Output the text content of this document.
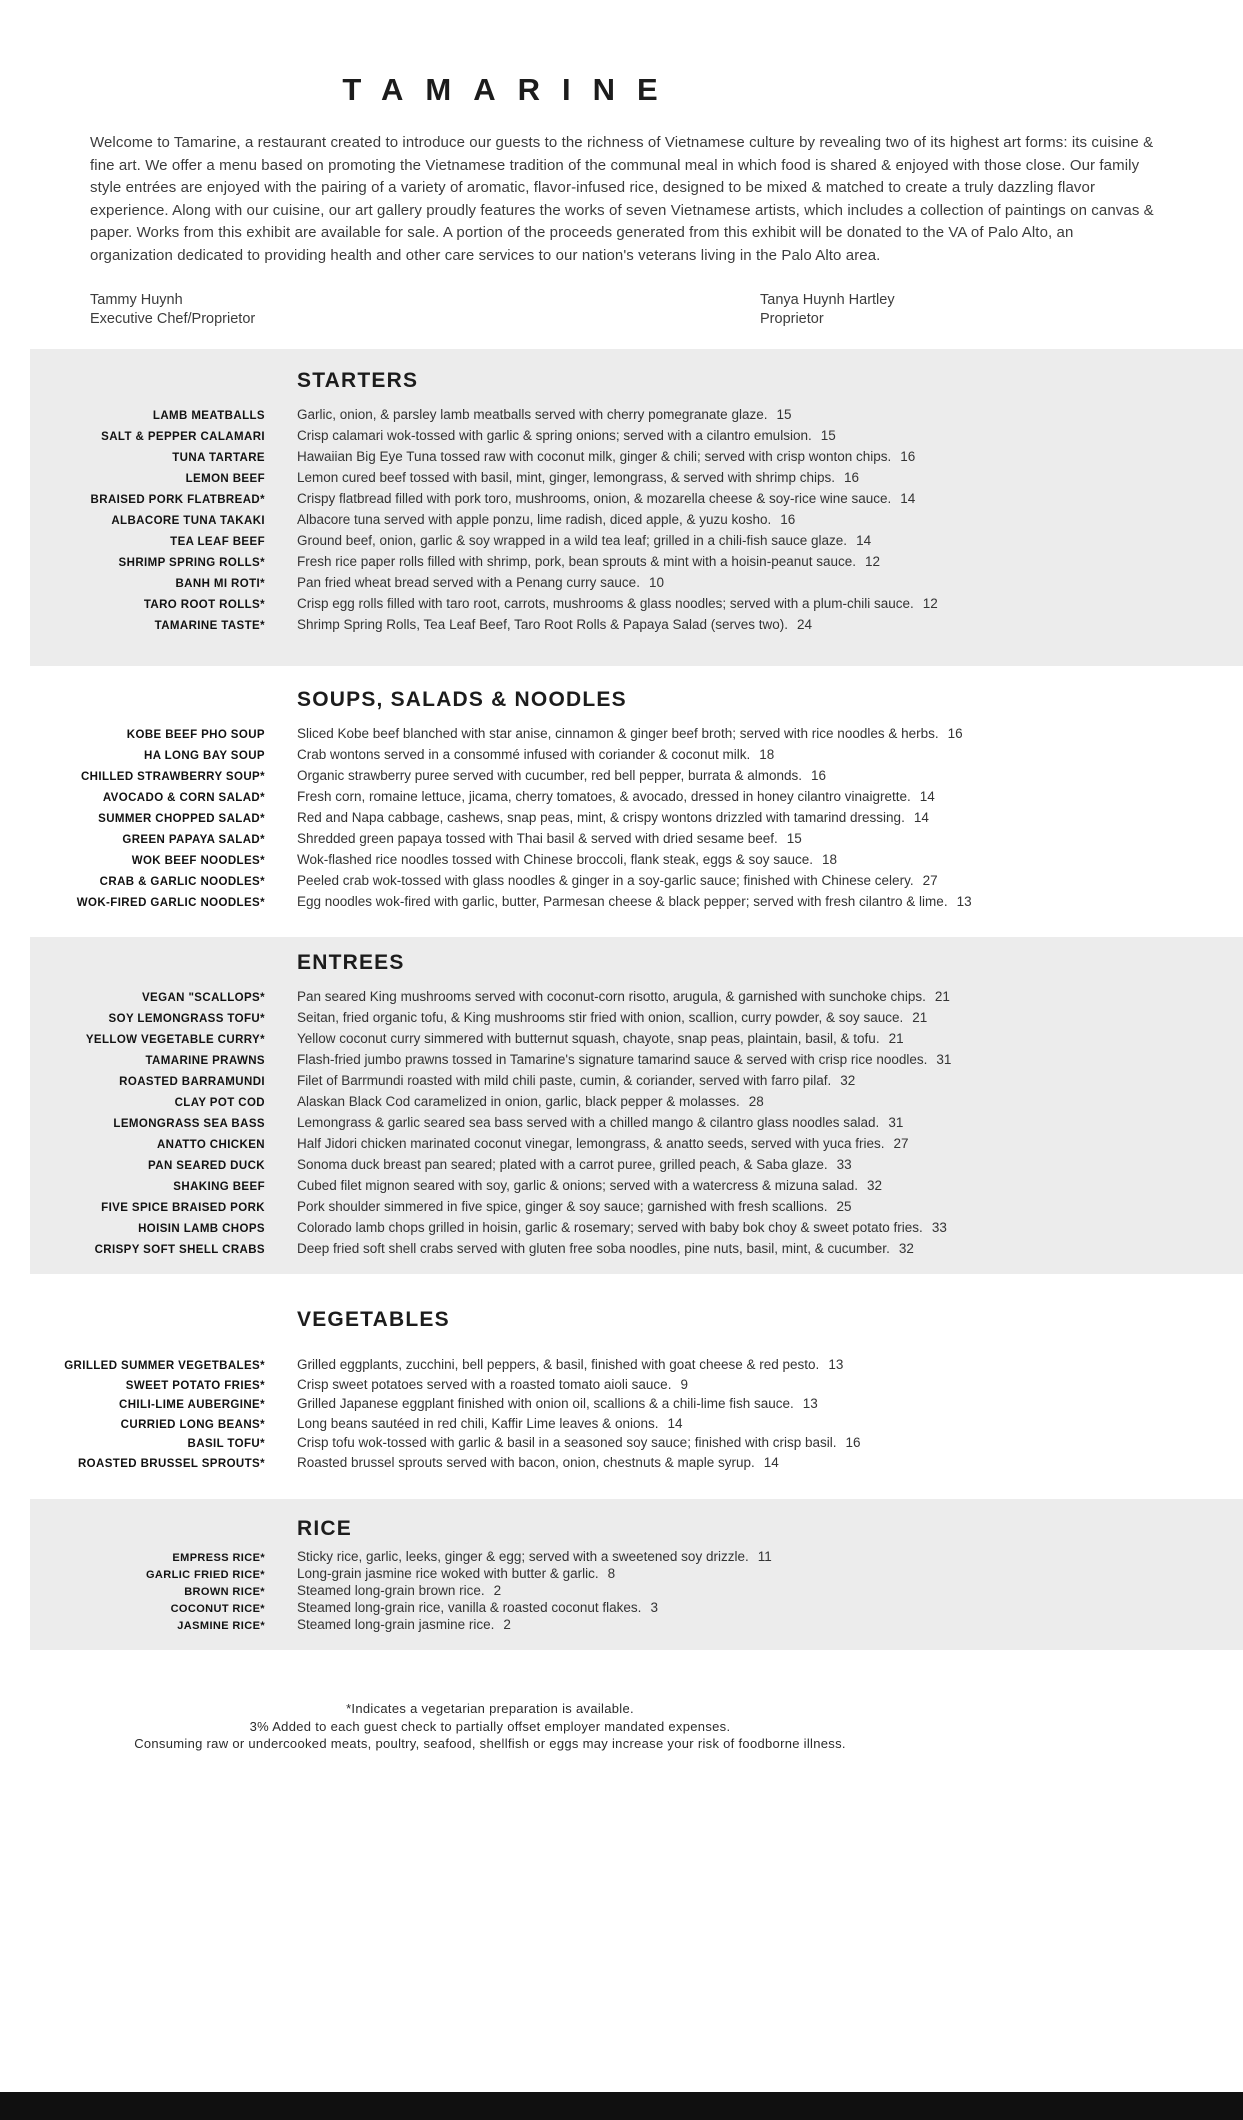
TAMARINE

Welcome to Tamarine, a restaurant created to introduce our guests to the richness of Vietnamese culture by revealing two of its highest art forms: its cuisine & fine art. We offer a menu based on promoting the Vietnamese tradition of the communal meal in which food is shared & enjoyed with those close. Our family style entrées are enjoyed with the pairing of a variety of aromatic, flavor-infused rice, designed to be mixed & matched to create a truly dazzling flavor experience. Along with our cuisine, our art gallery proudly features the works of seven Vietnamese artists, which includes a collection of paintings on canvas & paper. Works from this exhibit are available for sale. A portion of the proceeds generated from this exhibit will be donated to the VA of Palo Alto, an organization dedicated to providing health and other care services to our nation's veterans living in the Palo Alto area.

Tammy Huynh
Executive Chef/Proprietor
Tanya Huynh Hartley
Proprietor
STARTERS
LAMB MEATBALLS Garlic, onion, & parsley lamb meatballs served with cherry pomegranate glaze. 15
SALT & PEPPER CALAMARI Crisp calamari wok-tossed with garlic & spring onions; served with a cilantro emulsion. 15
TUNA TARTARE Hawaiian Big Eye Tuna tossed raw with coconut milk, ginger & chili; served with crisp wonton chips. 16
LEMON BEEF Lemon cured beef tossed with basil, mint, ginger, lemongrass, & served with shrimp chips. 16
BRAISED PORK FLATBREAD* Crispy flatbread filled with pork toro, mushrooms, onion, & mozarella cheese & soy-rice wine sauce. 14
ALBACORE TUNA TAKAKI Albacore tuna served with apple ponzu, lime radish, diced apple, & yuzu kosho. 16
TEA LEAF BEEF Ground beef, onion, garlic & soy wrapped in a wild tea leaf; grilled in a chili-fish sauce glaze. 14
SHRIMP SPRING ROLLS* Fresh rice paper rolls filled with shrimp, pork, bean sprouts & mint with a hoisin-peanut sauce. 12
BANH MI ROTI* Pan fried wheat bread served with a Penang curry sauce. 10
TARO ROOT ROLLS* Crisp egg rolls filled with taro root, carrots, mushrooms & glass noodles; served with a plum-chili sauce. 12
TAMARINE TASTE* Shrimp Spring Rolls, Tea Leaf Beef, Taro Root Rolls & Papaya Salad (serves two). 24
SOUPS, SALADS & NOODLES
KOBE BEEF PHO SOUP Sliced Kobe beef blanched with star anise, cinnamon & ginger beef broth; served with rice noodles & herbs. 16
HA LONG BAY SOUP Crab wontons served in a consommé infused with coriander & coconut milk. 18
CHILLED STRAWBERRY SOUP* Organic strawberry puree served with cucumber, red bell pepper, burrata & almonds. 16
AVOCADO & CORN SALAD* Fresh corn, romaine lettuce, jicama, cherry tomatoes, & avocado, dressed in honey cilantro vinaigrette. 14
SUMMER CHOPPED SALAD* Red and Napa cabbage, cashews, snap peas, mint, & crispy wontons drizzled with tamarind dressing. 14
GREEN PAPAYA SALAD* Shredded green papaya tossed with Thai basil & served with dried sesame beef. 15
WOK BEEF NOODLES* Wok-flashed rice noodles tossed with Chinese broccoli, flank steak, eggs & soy sauce. 18
CRAB & GARLIC NOODLES* Peeled crab wok-tossed with glass noodles & ginger in a soy-garlic sauce; finished with Chinese celery. 27
WOK-FIRED GARLIC NOODLES* Egg noodles wok-fired with garlic, butter, Parmesan cheese & black pepper; served with fresh cilantro & lime. 13
ENTREES
VEGAN "SCALLOPS* Pan seared King mushrooms served with coconut-corn risotto, arugula, & garnished with sunchoke chips. 21
SOY LEMONGRASS TOFU* Seitan, fried organic tofu, & King mushrooms stir fried with onion, scallion, curry powder, & soy sauce. 21
YELLOW VEGETABLE CURRY* Yellow coconut curry simmered with butternut squash, chayote, snap peas, plaintain, basil, & tofu. 21
TAMARINE PRAWNS Flash-fried jumbo prawns tossed in Tamarine's signature tamarind sauce & served with crisp rice noodles. 31
ROASTED BARRAMUNDI Filet of Barrmundi roasted with mild chili paste, cumin, & coriander, served with farro pilaf. 32
CLAY POT COD Alaskan Black Cod caramelized in onion, garlic, black pepper & molasses. 28
LEMONGRASS SEA BASS Lemongrass & garlic seared sea bass served with a chilled mango & cilantro glass noodles salad. 31
ANATTO CHICKEN Half Jidori chicken marinated coconut vinegar, lemongrass, & anatto seeds, served with yuca fries. 27
PAN SEARED DUCK Sonoma duck breast pan seared; plated with a carrot puree, grilled peach, & Saba glaze. 33
SHAKING BEEF Cubed filet mignon seared with soy, garlic & onions; served with a watercress & mizuna salad. 32
FIVE SPICE BRAISED PORK Pork shoulder simmered in five spice, ginger & soy sauce; garnished with fresh scallions. 25
HOISIN LAMB CHOPS Colorado lamb chops grilled in hoisin, garlic & rosemary; served with baby bok choy & sweet potato fries. 33
CRISPY SOFT SHELL CRABS Deep fried soft shell crabs served with gluten free soba noodles, pine nuts, basil, mint, & cucumber. 32
VEGETABLES
GRILLED SUMMER VEGETBALES* Grilled eggplants, zucchini, bell peppers, & basil, finished with goat cheese & red pesto. 13
SWEET POTATO FRIES* Crisp sweet potatoes served with a roasted tomato aioli sauce. 9
CHILI-LIME AUBERGINE* Grilled Japanese eggplant finished with onion oil, scallions & a chili-lime fish sauce. 13
CURRIED LONG BEANS* Long beans sautéed in red chili, Kaffir Lime leaves & onions. 14
BASIL TOFU* Crisp tofu wok-tossed with garlic & basil in a seasoned soy sauce; finished with crisp basil. 16
ROASTED BRUSSEL SPROUTS* Roasted brussel sprouts served with bacon, onion, chestnuts & maple syrup. 14
RICE
EMPRESS RICE* Sticky rice, garlic, leeks, ginger & egg; served with a sweetened soy drizzle. 11
GARLIC FRIED RICE* Long-grain jasmine rice woked with butter & garlic. 8
BROWN RICE* Steamed long-grain brown rice. 2
COCONUT RICE* Steamed long-grain rice, vanilla & roasted coconut flakes. 3
JASMINE RICE* Steamed long-grain jasmine rice. 2
*Indicates a vegetarian preparation is available.
3% Added to each guest check to partially offset employer mandated expenses.
Consuming raw or undercooked meats, poultry, seafood, shellfish or eggs may increase your risk of foodborne illness.
